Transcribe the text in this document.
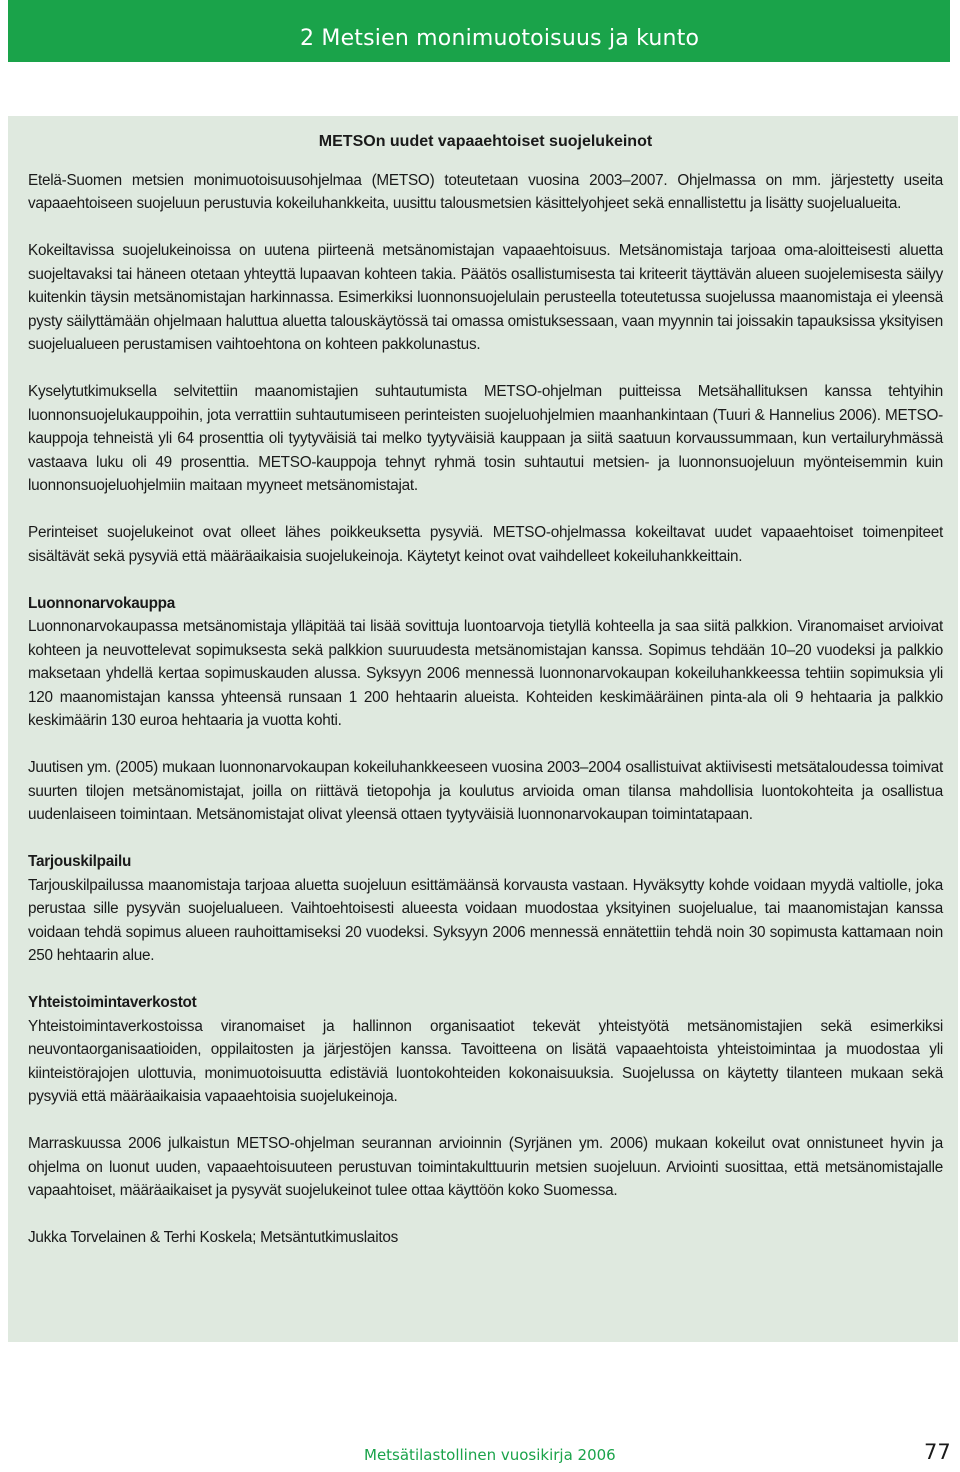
2 Metsien monimuotoisuus ja kunto

METSOn uudet vapaaehtoiset suojelukeinot

Etelä-Suomen metsien monimuotoisuusohjelmaa (METSO) toteutetaan vuosina 2003–2007. Ohjelmassa on mm. järjestetty useita vapaaehtoiseen suojeluun perustuvia kokeiluhankkeita, uusittu talousmetsien käsittelyohjeet sekä ennallistettu ja lisätty suojelualueita.

Kokeiltavissa suojelukeinoissa on uutena piirteenä metsänomistajan vapaaehtoisuus. Metsänomistaja tarjoaa oma-aloitteisesti aluetta suojeltavaksi tai häneen otetaan yhteyttä lupaavan kohteen takia. Päätös osallistumisesta tai kriteerit täyttävän alueen suojelemisesta säilyy kuitenkin täysin metsänomistajan harkinnassa. Esimerkiksi luonnonsuojelulain perusteella toteutetussa suojelussa maanomistaja ei yleensä pysty säilyttämään ohjelmaan haluttua aluetta talouskäytössä tai omassa omistuksessaan, vaan myynnin tai joissakin tapauksissa yksityisen suojelualueen perustamisen vaihtoehtona on kohteen pakkolunastus.

Kyselytutkimuksella selvitettiin maanomistajien suhtautumista METSO-ohjelman puitteissa Metsähallituksen kanssa tehtyihin luonnonsuojelukauppoihin, jota verrattiin suhtautumiseen perinteisten suojeluohjelmien maanhankintaan (Tuuri & Hannelius 2006). METSO-kauppoja tehneistä yli 64 prosenttia oli tyytyväisiä tai melko tyytyväisiä kauppaan ja siitä saatuun korvaussummaan, kun vertailuryhmässä vastaava luku oli 49 prosenttia. METSO-kauppoja tehnyt ryhmä tosin suhtautui metsien- ja luonnonsuojeluun myönteisemmin kuin luonnonsuojeluohjelmiin maitaan myyneet metsänomistajat.

Perinteiset suojelukeinot ovat olleet lähes poikkeuksetta pysyviä. METSO-ohjelmassa kokeiltavat uudet vapaaehtoiset toimenpiteet sisältävät sekä pysyviä että määräaikaisia suojelukeinoja. Käytetyt keinot ovat vaihdelleet kokeiluhankkeittain.

Luonnonarvokauppa

Luonnonarvokaupassa metsänomistaja ylläpitää tai lisää sovittuja luontoarvoja tietyllä kohteella ja saa siitä palkkion. Viranomaiset arvioivat kohteen ja neuvottelevat sopimuksesta sekä palkkion suuruudesta metsänomistajan kanssa. Sopimus tehdään 10–20 vuodeksi ja palkkio maksetaan yhdellä kertaa sopimuskauden alussa. Syksyyn 2006 mennessä luonnonarvokaupan kokeiluhankkeessa tehtiin sopimuksia yli 120 maanomistajan kanssa yhteensä runsaan 1 200 hehtaarin alueista. Kohteiden keskimääräinen pinta-ala oli 9 hehtaaria ja palkkio keskimäärin 130 euroa hehtaaria ja vuotta kohti.

Juutisen ym. (2005) mukaan luonnonarvokaupan kokeiluhankkeeseen vuosina 2003–2004 osallistuivat aktiivisesti metsätaloudessa toimivat suurten tilojen metsänomistajat, joilla on riittävä tietopohja ja koulutus arvioida oman tilansa mahdollisia luontokohteita ja osallistua uudenlaiseen toimintaan. Metsänomistajat olivat yleensä ottaen tyytyväisiä luonnonarvokaupan toimintatapaan.

Tarjouskilpailu

Tarjouskilpailussa maanomistaja tarjoaa aluetta suojeluun esittämäänsä korvausta vastaan. Hyväksytty kohde voidaan myydä valtiolle, joka perustaa sille pysyvän suojelualueen. Vaihtoehtoisesti alueesta voidaan muodostaa yksityinen suojelualue, tai maanomistajan kanssa voidaan tehdä sopimus alueen rauhoittamiseksi 20 vuodeksi. Syksyyn 2006 mennessä ennätettiin tehdä noin 30 sopimusta kattamaan noin 250 hehtaarin alue.

Yhteistoimintaverkostot

Yhteistoimintaverkostoissa viranomaiset ja hallinnon organisaatiot tekevät yhteistyötä metsänomistajien sekä esimerkiksi neuvontaorganisaatioiden, oppilaitosten ja järjestöjen kanssa. Tavoitteena on lisätä vapaaehtoista yhteistoimintaa ja muodostaa yli kiinteistörajojen ulottuvia, monimuotoisuutta edistäviä luontokohteiden kokonaisuuksia. Suojelussa on käytetty tilanteen mukaan sekä pysyviä että määräaikaisia vapaaehtoisia suojelukeinoja.

Marraskuussa 2006 julkaistun METSO-ohjelman seurannan arvioinnin (Syrjänen ym. 2006) mukaan kokeilut ovat onnistuneet hyvin ja ohjelma on luonut uuden, vapaaehtoisuuteen perustuvan toimintakulttuurin metsien suojeluun. Arviointi suosittaa, että metsänomistajalle vapaahtoiset, määräaikaiset ja pysyvät suojelukeinot tulee ottaa käyttöön koko Suomessa.

Jukka Torvelainen & Terhi Koskela; Metsäntutkimuslaitos

Metsätilastollinen vuosikirja 2006	77
